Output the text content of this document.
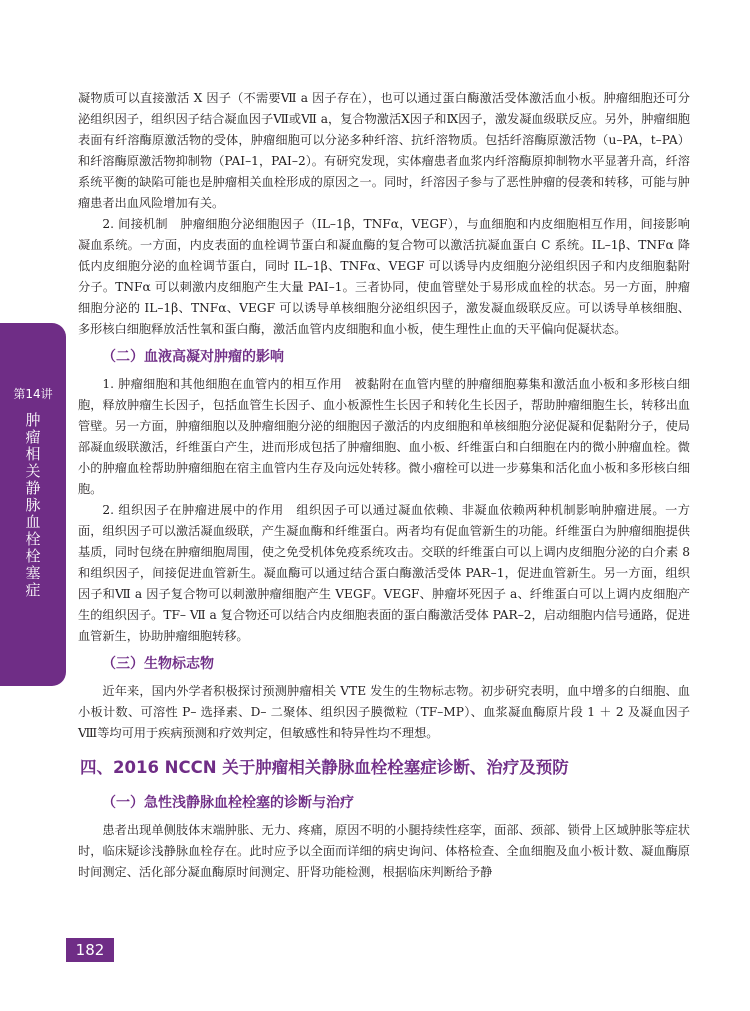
第14讲
肿瘤相关静脉血栓栓塞症

凝物质可以直接激活 X 因子（不需要Ⅶ a 因子存在），也可以通过蛋白酶激活受体激活血小板。肿瘤细胞还可分泌组织因子，组织因子结合凝血因子Ⅶ或Ⅶ a，复合物激活Ⅹ因子和Ⅸ因子，激发凝血级联反应。另外，肿瘤细胞表面有纤溶酶原激活物的受体，肿瘤细胞可以分泌多种纤溶、抗纤溶物质。包括纤溶酶原激活物（u–PA，t–PA）和纤溶酶原激活物抑制物（PAI–1，PAI–2）。有研究发现，实体瘤患者血浆内纤溶酶原抑制物水平显著升高，纤溶系统平衡的缺陷可能也是肿瘤相关血栓形成的原因之一。同时，纤溶因子参与了恶性肿瘤的侵袭和转移，可能与肿瘤患者出血风险增加有关。

2. 间接机制　肿瘤细胞分泌细胞因子（IL–1β，TNFα，VEGF），与血细胞和内皮细胞相互作用，间接影响凝血系统。一方面，内皮表面的血栓调节蛋白和凝血酶的复合物可以激活抗凝血蛋白 C 系统。IL–1β、TNFα 降低内皮细胞分泌的血栓调节蛋白，同时 IL–1β、TNFα、VEGF 可以诱导内皮细胞分泌组织因子和内皮细胞黏附分子。TNFα 可以刺激内皮细胞产生大量 PAI–1。三者协同，使血管壁处于易形成血栓的状态。另一方面，肿瘤细胞分泌的 IL–1β、TNFα、VEGF 可以诱导单核细胞分泌组织因子，激发凝血级联反应。可以诱导单核细胞、多形核白细胞释放活性氧和蛋白酶，激活血管内皮细胞和血小板，使生理性止血的天平偏向促凝状态。

（二）血液高凝对肿瘤的影响

1. 肿瘤细胞和其他细胞在血管内的相互作用　被黏附在血管内壁的肿瘤细胞募集和激活血小板和多形核白细胞，释放肿瘤生长因子，包括血管生长因子、血小板源性生长因子和转化生长因子，帮助肿瘤细胞生长，转移出血管壁。另一方面，肿瘤细胞以及肿瘤细胞分泌的细胞因子激活的内皮细胞和单核细胞分泌促凝和促黏附分子，使局部凝血级联激活，纤维蛋白产生，进而形成包括了肿瘤细胞、血小板、纤维蛋白和白细胞在内的微小肿瘤血栓。微小的肿瘤血栓帮助肿瘤细胞在宿主血管内生存及向远处转移。微小瘤栓可以进一步募集和活化血小板和多形核白细胞。

2. 组织因子在肿瘤进展中的作用　组织因子可以通过凝血依赖、非凝血依赖两种机制影响肿瘤进展。一方面，组织因子可以激活凝血级联，产生凝血酶和纤维蛋白。两者均有促血管新生的功能。纤维蛋白为肿瘤细胞提供基质，同时包绕在肿瘤细胞周围，使之免受机体免疫系统攻击。交联的纤维蛋白可以上调内皮细胞分泌的白介素 8 和组织因子，间接促进血管新生。凝血酶可以通过结合蛋白酶激活受体 PAR–1，促进血管新生。另一方面，组织因子和Ⅶ a 因子复合物可以刺激肿瘤细胞产生 VEGF。VEGF、肿瘤坏死因子 a、纤维蛋白可以上调内皮细胞产生的组织因子。TF– Ⅶ a 复合物还可以结合内皮细胞表面的蛋白酶激活受体 PAR–2，启动细胞内信号通路，促进血管新生，协助肿瘤细胞转移。

（三）生物标志物

近年来，国内外学者积极探讨预测肿瘤相关 VTE 发生的生物标志物。初步研究表明，血中增多的白细胞、血小板计数、可溶性 P– 选择素、D– 二聚体、组织因子膜微粒（TF–MP）、血浆凝血酶原片段 1 ＋ 2 及凝血因子Ⅷ等均可用于疾病预测和疗效判定，但敏感性和特异性均不理想。

四、2016 NCCN 关于肿瘤相关静脉血栓栓塞症诊断、治疗及预防
（一）急性浅静脉血栓栓塞的诊断与治疗

患者出现单侧肢体末端肿胀、无力、疼痛，原因不明的小腿持续性痉挛，面部、颈部、锁骨上区域肿胀等症状时，临床疑诊浅静脉血栓存在。此时应予以全面而详细的病史询问、体格检查、全血细胞及血小板计数、凝血酶原时间测定、活化部分凝血酶原时间测定、肝肾功能检测，根据临床判断给予静

182
